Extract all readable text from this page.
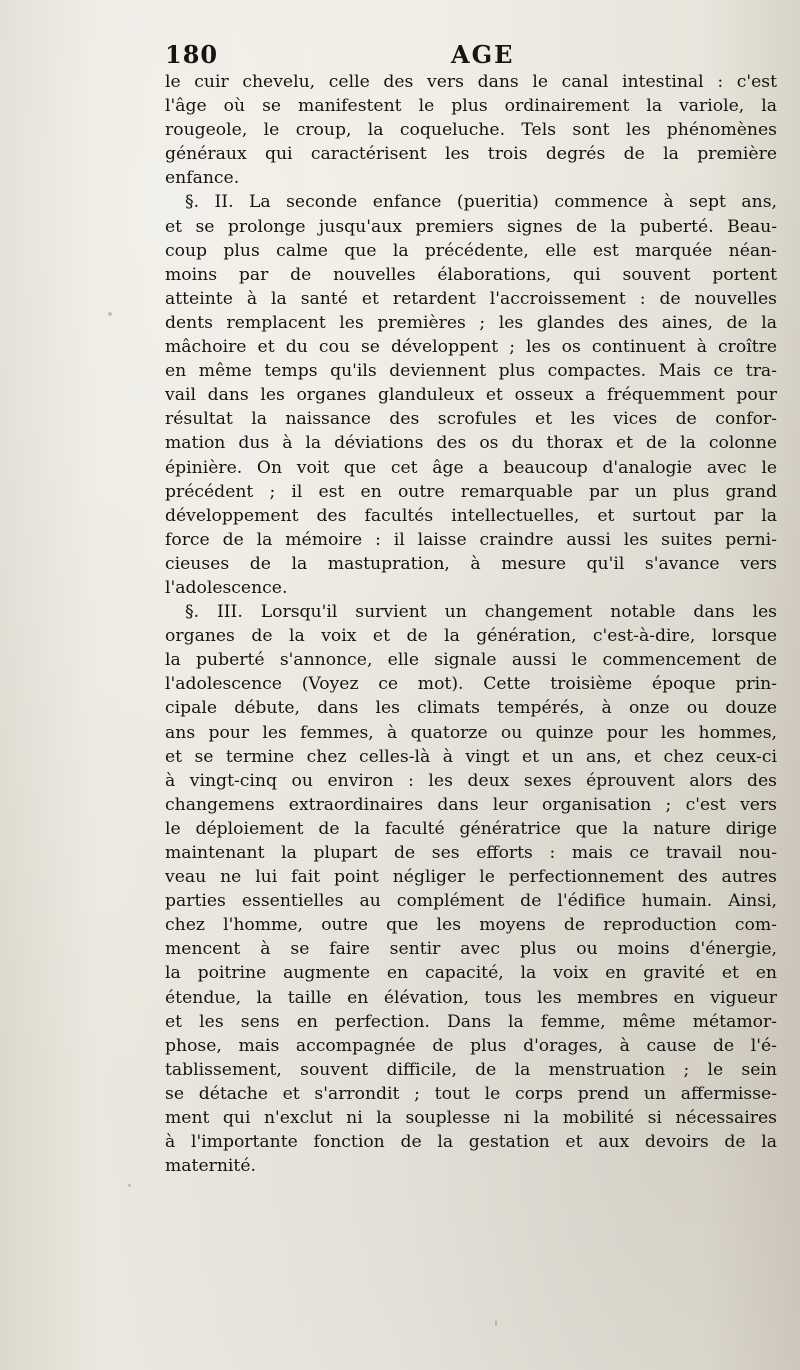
180	AGE
le cuir chevelu, celle des vers dans le canal intestinal : c'est
l'âge où se manifestent le plus ordinairement la variole, la
rougeole, le croup, la coqueluche. Tels sont les phénomènes
généraux qui caractérisent les trois degrés de la première
enfance.
§. II. La seconde enfance (pueritia) commence à sept ans,
et se prolonge jusqu'aux premiers signes de la puberté. Beau-
coup plus calme que la précédente, elle est marquée néan-
moins par de nouvelles élaborations, qui souvent portent
atteinte à la santé et retardent l'accroissement : de nouvelles
dents remplacent les premières ; les glandes des aines, de la
mâchoire et du cou se développent ; les os continuent à croître
en même temps qu'ils deviennent plus compactes. Mais ce tra-
vail dans les organes glanduleux et osseux a fréquemment pour
résultat la naissance des scrofules et les vices de confor-
mation dus à la déviations des os du thorax et de la colonne
épinière. On voit que cet âge a beaucoup d'analogie avec le
précédent ; il est en outre remarquable par un plus grand
développement des facultés intellectuelles, et surtout par la
force de la mémoire : il laisse craindre aussi les suites perni-
cieuses de la mastupration, à mesure qu'il s'avance vers
l'adolescence.
§. III. Lorsqu'il survient un changement notable dans les
organes de la voix et de la génération, c'est-à-dire, lorsque
la puberté s'annonce, elle signale aussi le commencement de
l'adolescence (Voyez ce mot). Cette troisième époque prin-
cipale débute, dans les climats tempérés, à onze ou douze
ans pour les femmes, à quatorze ou quinze pour les hommes,
et se termine chez celles-là à vingt et un ans, et chez ceux-ci
à vingt-cinq ou environ : les deux sexes éprouvent alors des
changemens extraordinaires dans leur organisation ; c'est vers
le déploiement de la faculté génératrice que la nature dirige
maintenant la plupart de ses efforts : mais ce travail nou-
veau ne lui fait point négliger le perfectionnement des autres
parties essentielles au complément de l'édifice humain. Ainsi,
chez l'homme, outre que les moyens de reproduction com-
mencent à se faire sentir avec plus ou moins d'énergie,
la poitrine augmente en capacité, la voix en gravité et en
étendue, la taille en élévation, tous les membres en vigueur
et les sens en perfection. Dans la femme, même métamor-
phose, mais accompagnée de plus d'orages, à cause de l'é-
tablissement, souvent difficile, de la menstruation ; le sein
se détache et s'arrondit ; tout le corps prend un affermisse-
ment qui n'exclut ni la souplesse ni la mobilité si nécessaires
à l'importante fonction de la gestation et aux devoirs de la
maternité.
